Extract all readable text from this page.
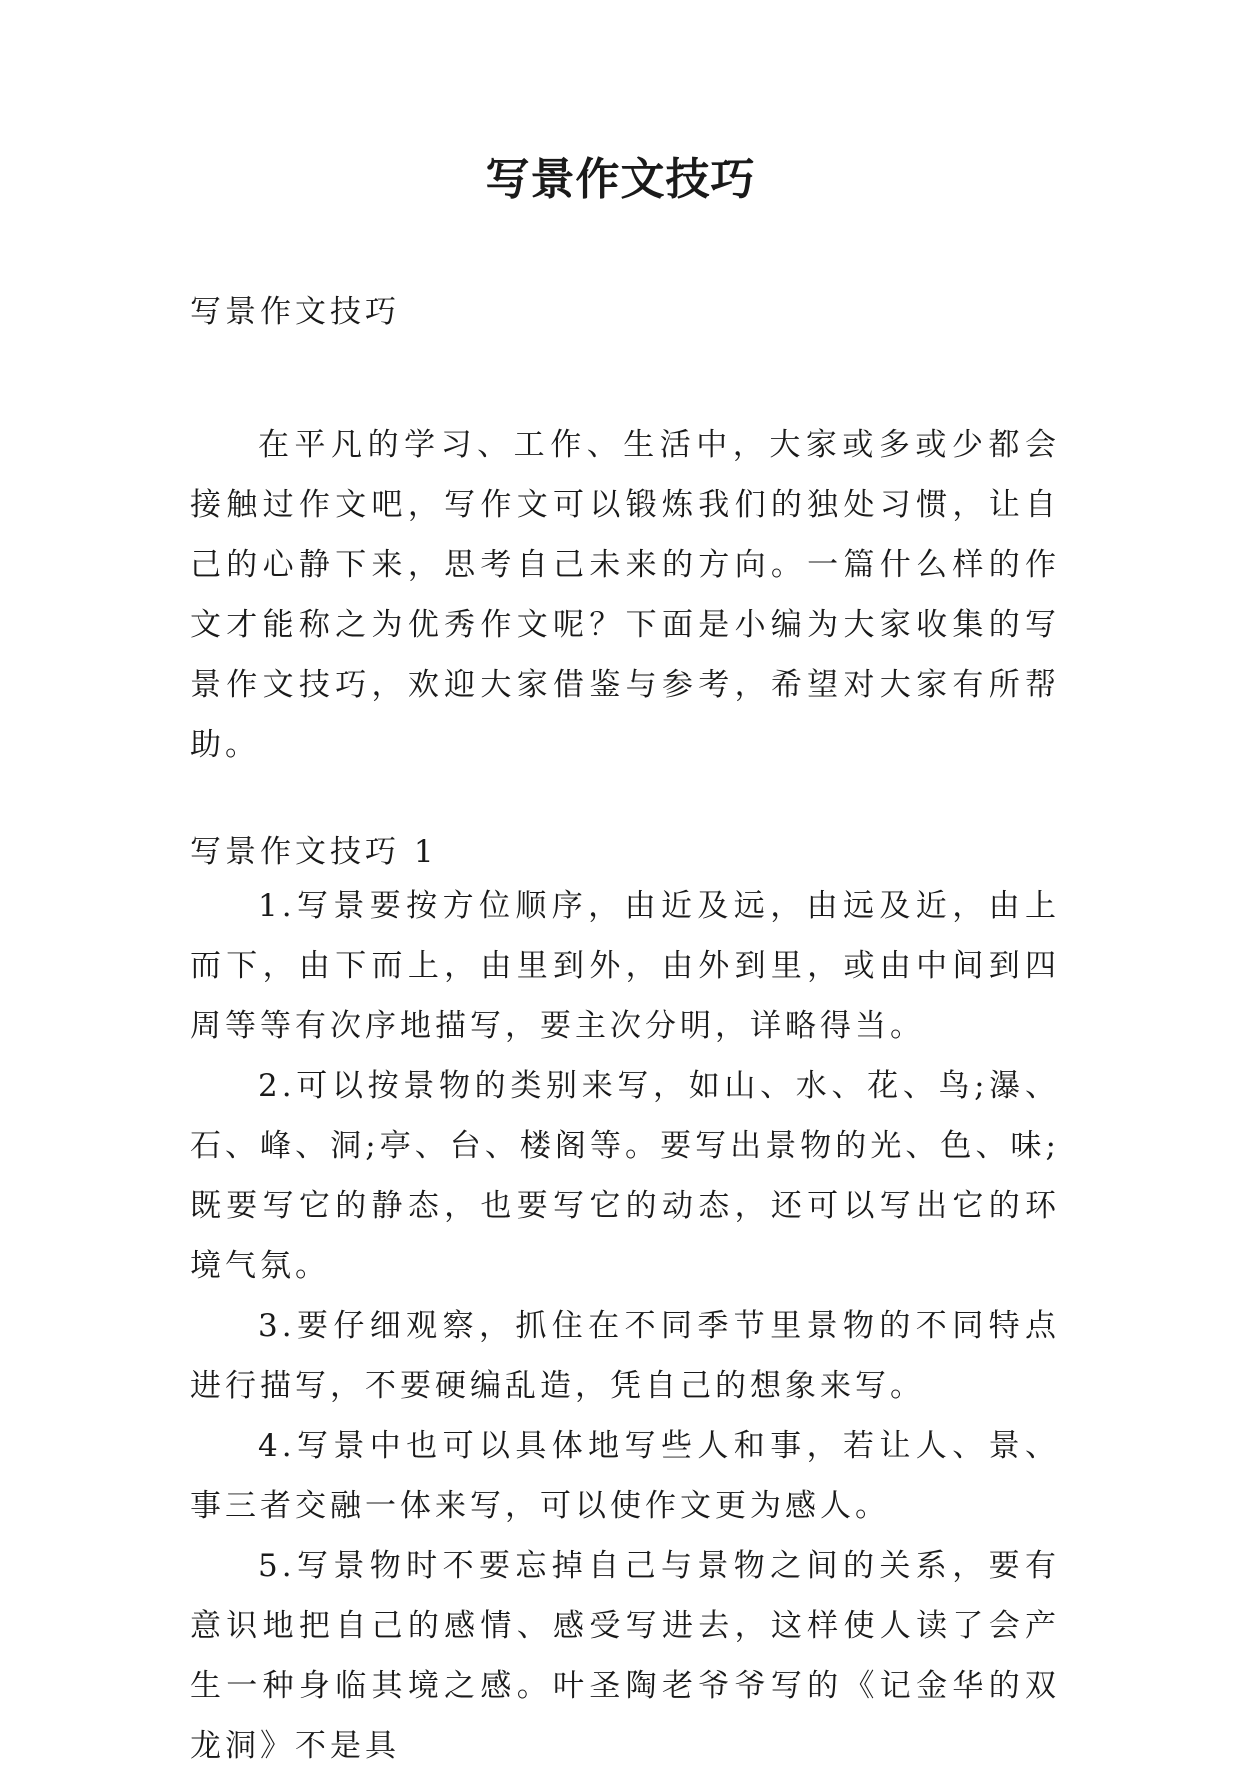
写景作文技巧

写景作文技巧

在平凡的学习、工作、生活中，大家或多或少都会接触过作文吧，写作文可以锻炼我们的独处习惯，让自己的心静下来，思考自己未来的方向。一篇什么样的作文才能称之为优秀作文呢？下面是小编为大家收集的写景作文技巧，欢迎大家借鉴与参考，希望对大家有所帮助。

写景作文技巧 1

1.写景要按方位顺序，由近及远，由远及近，由上而下，由下而上，由里到外，由外到里，或由中间到四周等等有次序地描写，要主次分明，详略得当。

2.可以按景物的类别来写，如山、水、花、鸟;瀑、石、峰、洞;亭、台、楼阁等。要写出景物的光、色、味;既要写它的静态，也要写它的动态，还可以写出它的环境气氛。

3.要仔细观察，抓住在不同季节里景物的不同特点进行描写，不要硬编乱造，凭自己的想象来写。

4.写景中也可以具体地写些人和事，若让人、景、事三者交融一体来写，可以使作文更为感人。

5.写景物时不要忘掉自己与景物之间的关系，要有意识地把自己的感情、感受写进去，这样使人读了会产生一种身临其境之感。叶圣陶老爷爷写的《记金华的双龙洞》不是具
